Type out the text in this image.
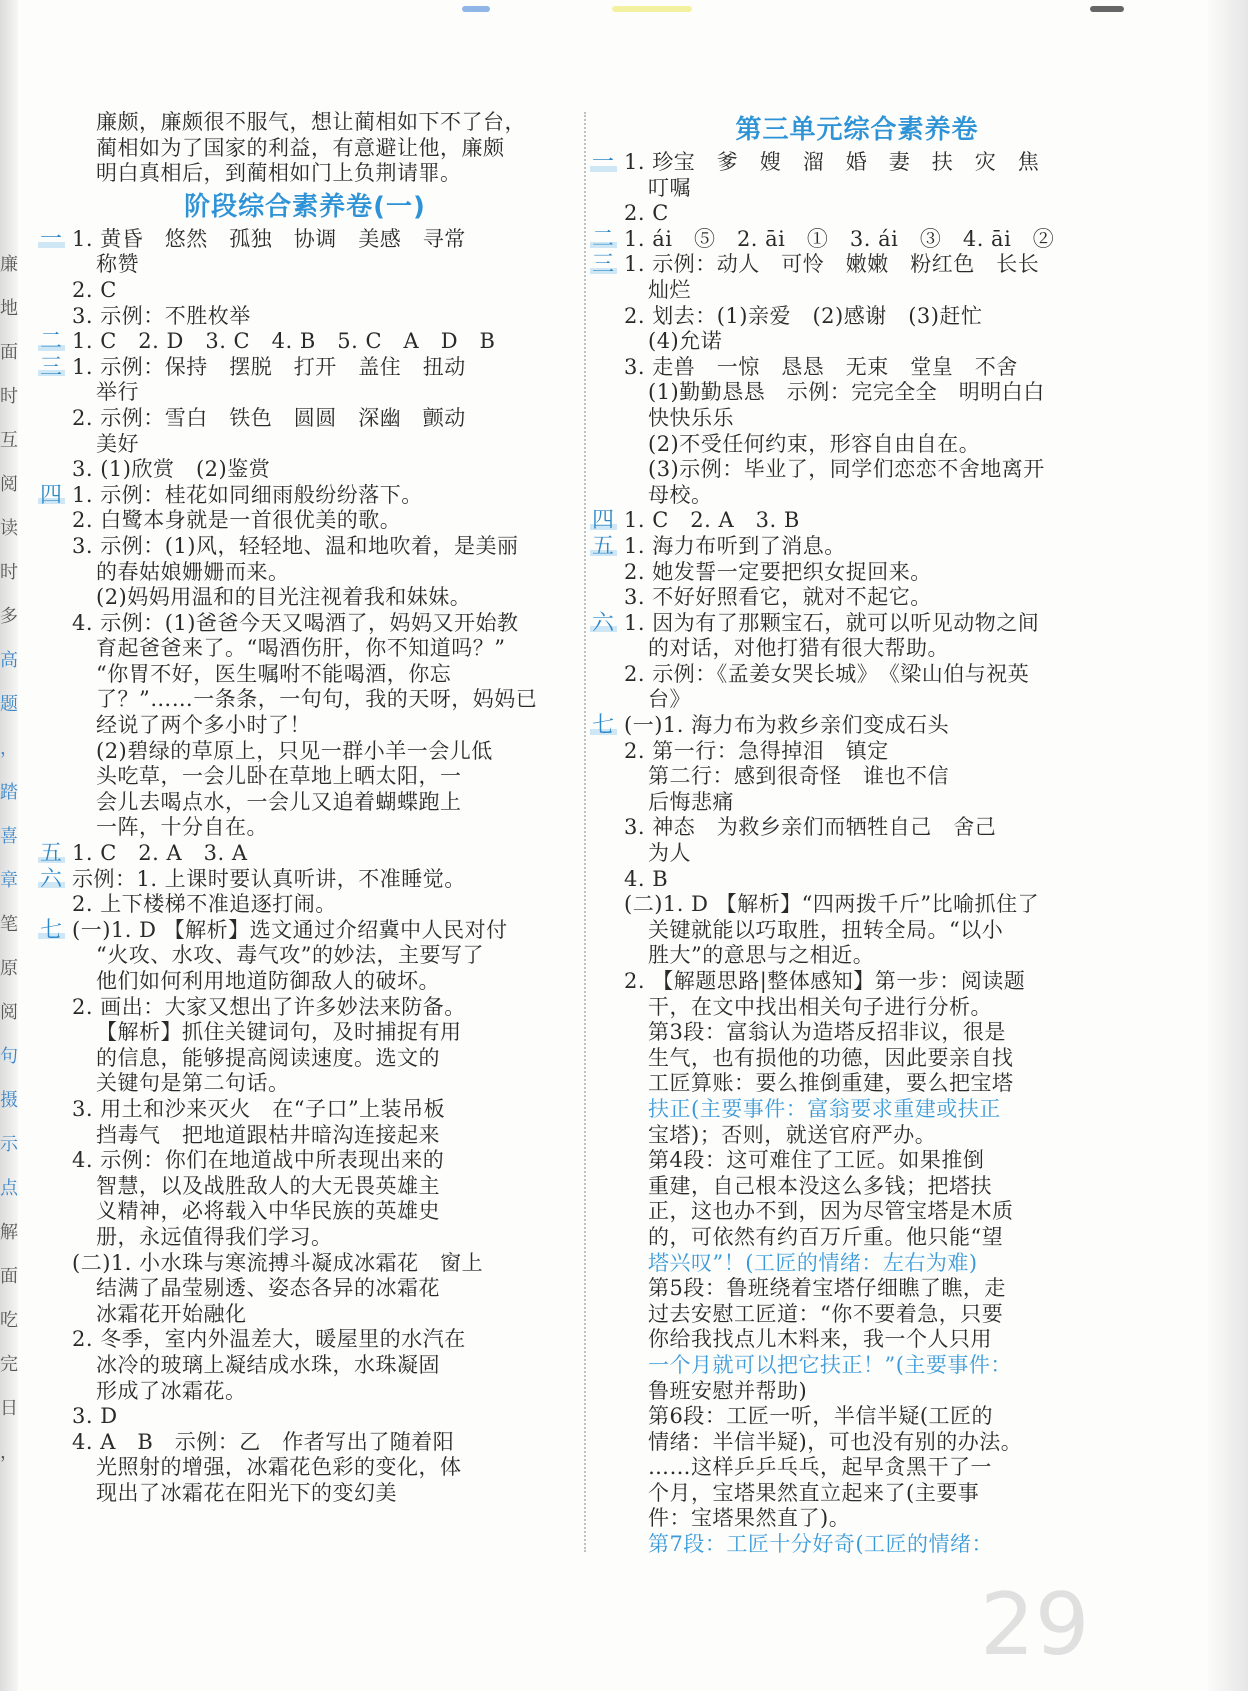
廉
地
面
时
互
阅
读
时
多
高
题
，
踏
喜
章
笔
原
阅
句
摄
示
点
解
面
吃
完
日
，
廉颇，廉颇很不服气，想让蔺相如下不了台，
蔺相如为了国家的利益，有意避让他，廉颇
明白真相后，到蔺相如门上负荆请罪。
阶段综合素养卷(一)
一 1. 黄昏　悠然　孤独　协调　美感　寻常
称赞
2. C
3. 示例：不胜枚举
二 1. C　2. D　3. C　4. B　5. C　A　D　B
三 1. 示例：保持　摆脱　打开　盖住　扭动
举行
2. 示例：雪白　铁色　圆圆　深幽　颤动
美好
3. (1)欣赏　(2)鉴赏
四 1. 示例：桂花如同细雨般纷纷落下。
2. 白鹭本身就是一首很优美的歌。
3. 示例：(1)风，轻轻地、温和地吹着，是美丽
的春姑娘姗姗而来。
(2)妈妈用温和的目光注视着我和妹妹。
4. 示例：(1)爸爸今天又喝酒了，妈妈又开始教
育起爸爸来了。“喝酒伤肝，你不知道吗？”
“你胃不好，医生嘱咐不能喝酒，你忘
了？”……一条条，一句句，我的天呀，妈妈已
经说了两个多小时了！
(2)碧绿的草原上，只见一群小羊一会儿低
头吃草，一会儿卧在草地上晒太阳，一
会儿去喝点水，一会儿又追着蝴蝶跑上
一阵，十分自在。
五 1. C　2. A　3. A
六 示例：1. 上课时要认真听讲，不准睡觉。
2. 上下楼梯不准追逐打闹。
七 (一)1. D 【解析】选文通过介绍冀中人民对付
“火攻、水攻、毒气攻”的妙法，主要写了
他们如何利用地道防御敌人的破坏。
2. 画出：大家又想出了许多妙法来防备。
【解析】抓住关键词句，及时捕捉有用
的信息，能够提高阅读速度。选文的
关键句是第二句话。
3. 用土和沙来灭火　在“子口”上装吊板
挡毒气　把地道跟枯井暗沟连接起来
4. 示例：你们在地道战中所表现出来的
智慧，以及战胜敌人的大无畏英雄主
义精神，必将载入中华民族的英雄史
册，永远值得我们学习。
(二)1. 小水珠与寒流搏斗凝成冰霜花　窗上
结满了晶莹剔透、姿态各异的冰霜花
冰霜花开始融化
2. 冬季，室内外温差大，暖屋里的水汽在
冰冷的玻璃上凝结成水珠，水珠凝固
形成了冰霜花。
3. D
4. A　B　示例：乙　作者写出了随着阳
光照射的增强，冰霜花色彩的变化，体
现出了冰霜花在阳光下的变幻美
第三单元综合素养卷
一 1. 珍宝　爹　嫂　溜　婚　妻　扶　灾　焦
叮嘱
2. C
二 1. ái　⑤　2. āi　①　3. ái　③　4. āi　②
三 1. 示例：动人　可怜　嫩嫩　粉红色　长长
灿烂
2. 划去：(1)亲爱　(2)感谢　(3)赶忙
(4)允诺
3. 走兽　一惊　恳恳　无束　堂皇　不舍
(1)勤勤恳恳　示例：完完全全　明明白白
快快乐乐
(2)不受任何约束，形容自由自在。
(3)示例：毕业了，同学们恋恋不舍地离开
母校。
四 1. C　2. A　3. B
五 1. 海力布听到了消息。
2. 她发誓一定要把织女捉回来。
3. 不好好照看它，就对不起它。
六 1. 因为有了那颗宝石，就可以听见动物之间
的对话，对他打猎有很大帮助。
2. 示例：《孟姜女哭长城》　《梁山伯与祝英
台》
七 (一)1. 海力布为救乡亲们变成石头
2. 第一行：急得掉泪　镇定
第二行：感到很奇怪　谁也不信
后悔悲痛
3. 神态　为救乡亲们而牺牲自己　舍己
为人
4. B
(二)1. D 【解析】“四两拨千斤”比喻抓住了
关键就能以巧取胜，扭转全局。“以小
胜大”的意思与之相近。
2. 【解题思路|整体感知】第一步：阅读题
干，在文中找出相关句子进行分析。
第3段：富翁认为造塔反招非议，很是
生气，也有损他的功德，因此要亲自找
工匠算账：要么推倒重建，要么把宝塔
扶正(主要事件：富翁要求重建或扶正
宝塔)；否则，就送官府严办。
第4段：这可难住了工匠。如果推倒
重建，自己根本没这么多钱；把塔扶
正，这也办不到，因为尽管宝塔是木质
的，可依然有约百万斤重。他只能“望
塔兴叹”！(工匠的情绪：左右为难)
第5段：鲁班绕着宝塔仔细瞧了瞧，走
过去安慰工匠道：“你不要着急，只要
你给我找点儿木料来，我一个人只用
一个月就可以把它扶正！”(主要事件：
鲁班安慰并帮助)
第6段：工匠一听，半信半疑(工匠的
情绪：半信半疑)，可也没有别的办法。
……这样乒乒乓乓，起早贪黑干了一
个月，宝塔果然直立起来了(主要事
件：宝塔果然直了)。
第7段：工匠十分好奇(工匠的情绪：
29
